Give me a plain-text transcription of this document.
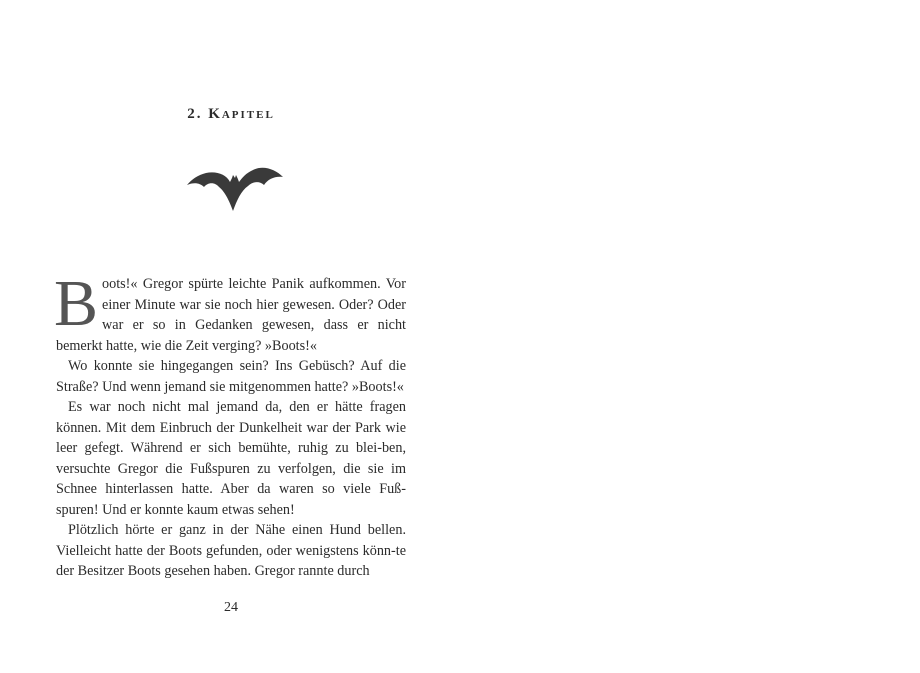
2. Kapitel

Boots!« Gregor spürte leichte Panik aufkommen. Vor einer Minute war sie noch hier gewesen. Oder? Oder war er so in Gedanken gewesen, dass er nicht bemerkt hatte, wie die Zeit verging? »Boots!«

Wo konnte sie hingegangen sein? Ins Gebüsch? Auf die Straße? Und wenn jemand sie mitgenommen hatte? »Boots!«

Es war noch nicht mal jemand da, den er hätte fragen können. Mit dem Einbruch der Dunkelheit war der Park wie leer gefegt. Während er sich bemühte, ruhig zu blei-ben, versuchte Gregor die Fußspuren zu verfolgen, die sie im Schnee hinterlassen hatte. Aber da waren so viele Fuß-spuren! Und er konnte kaum etwas sehen!

Plötzlich hörte er ganz in der Nähe einen Hund bellen. Vielleicht hatte der Boots gefunden, oder wenigstens könn-te der Besitzer Boots gesehen haben. Gregor rannte durch

24
